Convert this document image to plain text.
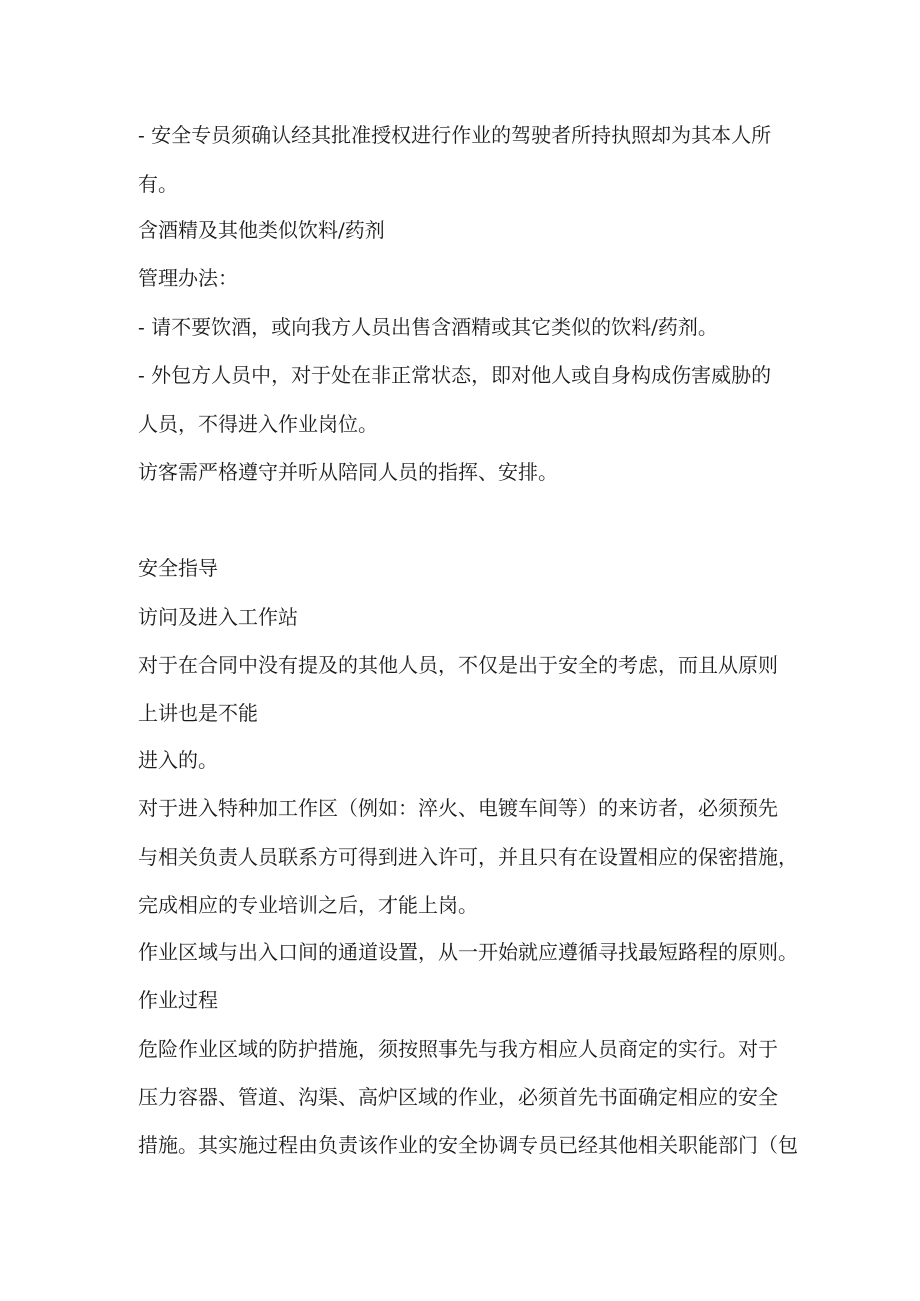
- 安全专员须确认经其批准授权进行作业的驾驶者所持执照却为其本人所

有。

含酒精及其他类似饮料/药剂

管理办法：

- 请不要饮酒，或向我方人员出售含酒精或其它类似的饮料/药剂。

- 外包方人员中，对于处在非正常状态，即对他人或自身构成伤害威胁的

人员，不得进入作业岗位。

访客需严格遵守并听从陪同人员的指挥、安排。

安全指导

访问及进入工作站

对于在合同中没有提及的其他人员，不仅是出于安全的考虑，而且从原则

上讲也是不能

进入的。

对于进入特种加工作区（例如：淬火、电镀车间等）的来访者，必须预先

与相关负责人员联系方可得到进入许可，并且只有在设置相应的保密措施，

完成相应的专业培训之后，才能上岗。

作业区域与出入口间的通道设置，从一开始就应遵循寻找最短路程的原则。

作业过程

危险作业区域的防护措施，须按照事先与我方相应人员商定的实行。对于

压力容器、管道、沟渠、高炉区域的作业，必须首先书面确定相应的安全

措施。其实施过程由负责该作业的安全协调专员已经其他相关职能部门（包
